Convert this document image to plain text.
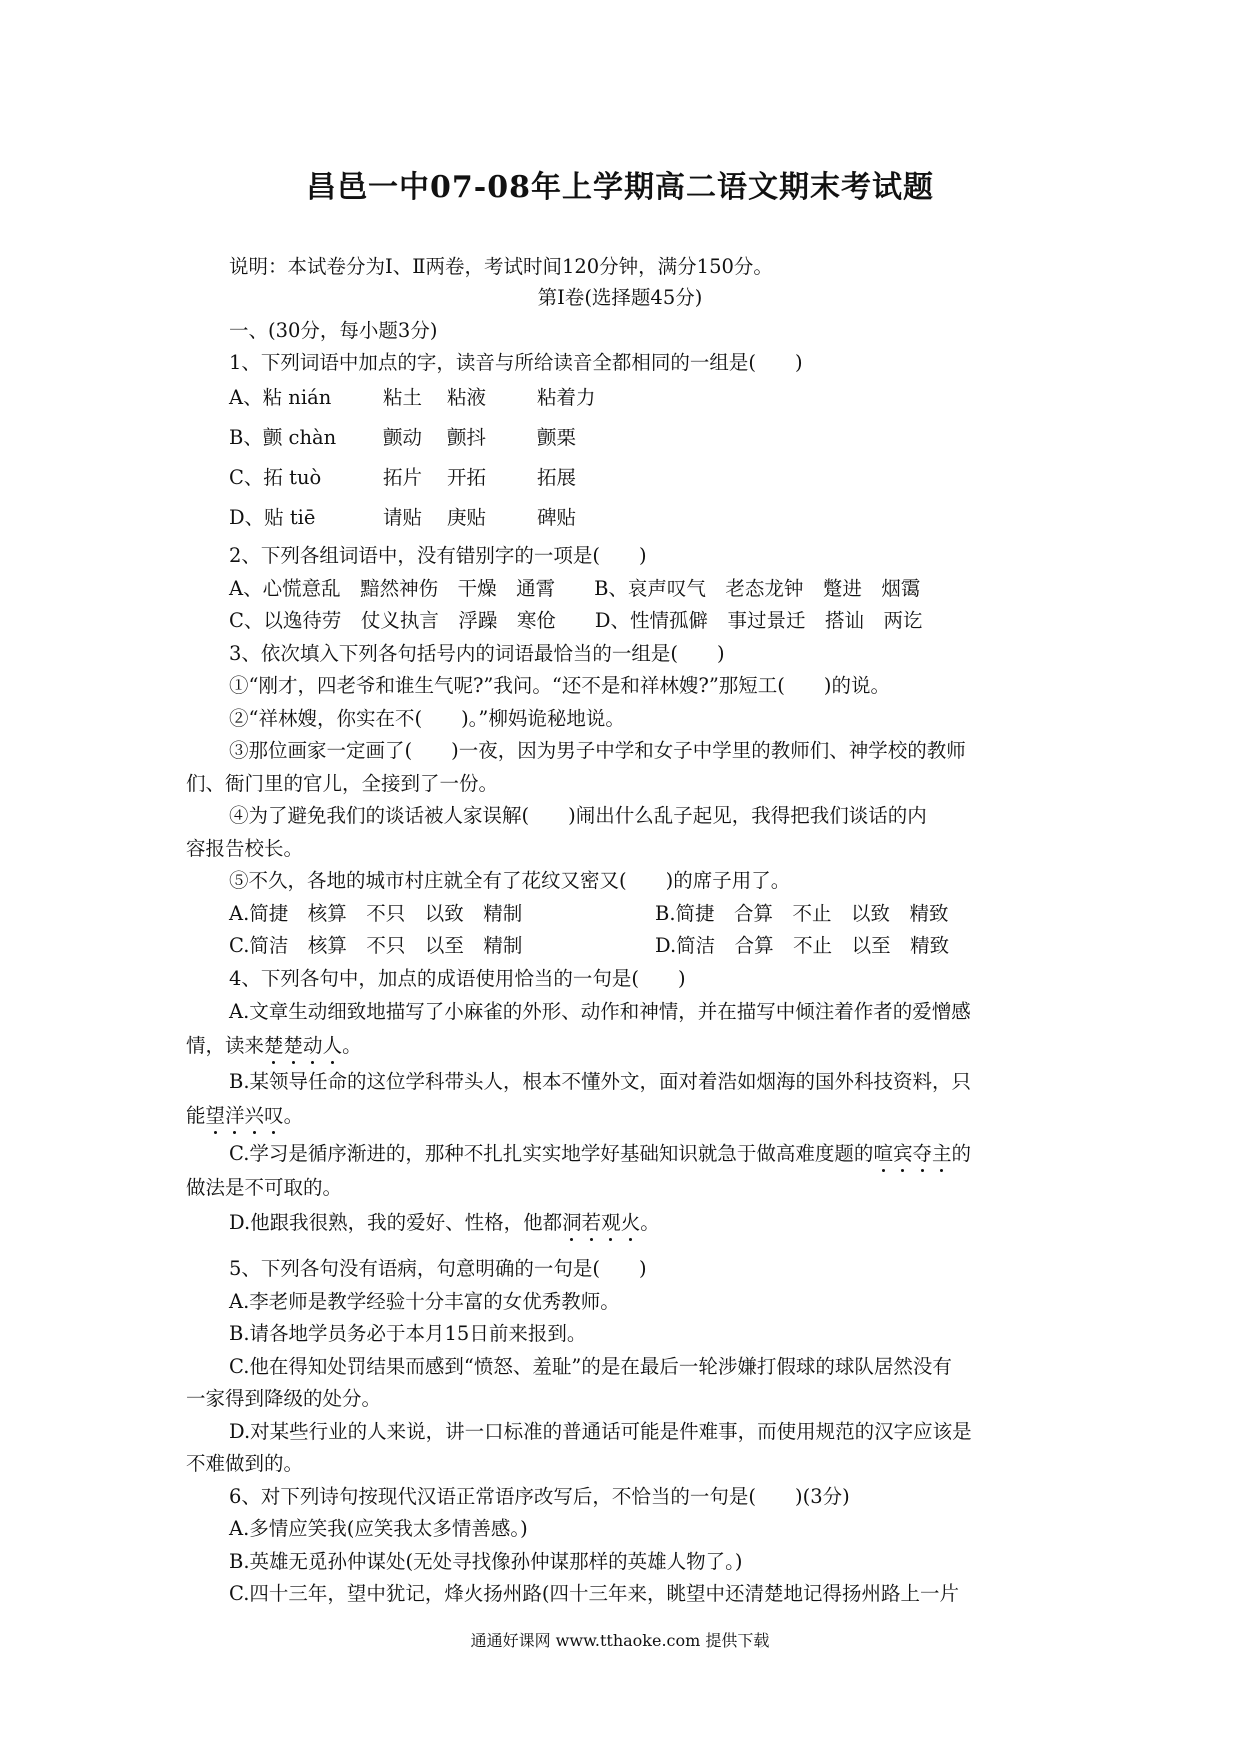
昌邑一中07-08年上学期高二语文期末考试题
说明：本试卷分为Ⅰ、Ⅱ两卷，考试时间120分钟，满分150分。
第Ⅰ卷(选择题45分)
一、(30分，每小题3分)
1、下列词语中加点的字，读音与所给读音全都相同的一组是(　　)
A、粘 nián	粘土 粘液	粘着力
B、颤 chàn 颤动 颤抖	颤栗
C、拓 tuò	拓片 开拓	拓展
D、贴 tiē	请贴 庚贴	碑贴
2、下列各组词语中，没有错别字的一项是(　　)
A、心慌意乱　黯然神伤　干燥　通霄　　B、哀声叹气　老态龙钟　蹩进　烟霭
C、以逸待劳　仗义执言　浮躁　寒伧　　D、性情孤僻　事过景迁　搭讪　两讫
3、依次填入下列各句括号内的词语最恰当的一组是(　　)
①“刚才，四老爷和谁生气呢?”我问。“还不是和祥林嫂?”那短工(　　)的说。
②“祥林嫂，你实在不(　　)。”柳妈诡秘地说。
③那位画家一定画了(　　)一夜，因为男子中学和女子中学里的教师们、神学校的教师
们、衙门里的官儿，全接到了一份。
④为了避免我们的谈话被人家误解(　　)闹出什么乱子起见，我得把我们谈话的内
容报告校长。
⑤不久，各地的城市村庄就全有了花纹又密又(　　)的席子用了。
A.简捷　核算　不只　以致　精制	B.简捷　合算　不止　以致　精致
C.简洁　核算　不只　以至　精制	D.简洁　合算　不止　以至　精致
4、下列各句中，加点的成语使用恰当的一句是(　　)
A.文章生动细致地描写了小麻雀的外形、动作和神情，并在描写中倾注着作者的爱憎感
情，读来楚楚动人。
B.某领导任命的这位学科带头人，根本不懂外文，面对着浩如烟海的国外科技资料，只
能望洋兴叹。
C.学习是循序渐进的，那种不扎扎实实地学好基础知识就急于做高难度题的喧宾夺主的
做法是不可取的。
D.他跟我很熟，我的爱好、性格，他都洞若观火。
5、下列各句没有语病，句意明确的一句是(　　)
A.李老师是教学经验十分丰富的女优秀教师。
B.请各地学员务必于本月15日前来报到。
C.他在得知处罚结果而感到“愤怒、羞耻”的是在最后一轮涉嫌打假球的球队居然没有
一家得到降级的处分。
D.对某些行业的人来说，讲一口标准的普通话可能是件难事，而使用规范的汉字应该是
不难做到的。
6、对下列诗句按现代汉语正常语序改写后，不恰当的一句是(　　)(3分)
A.多情应笑我(应笑我太多情善感。)
B.英雄无觅孙仲谋处(无处寻找像孙仲谋那样的英雄人物了。)
C.四十三年，望中犹记，烽火扬州路(四十三年来，眺望中还清楚地记得扬州路上一片
通通好课网 www.tthaoke.com 提供下载
